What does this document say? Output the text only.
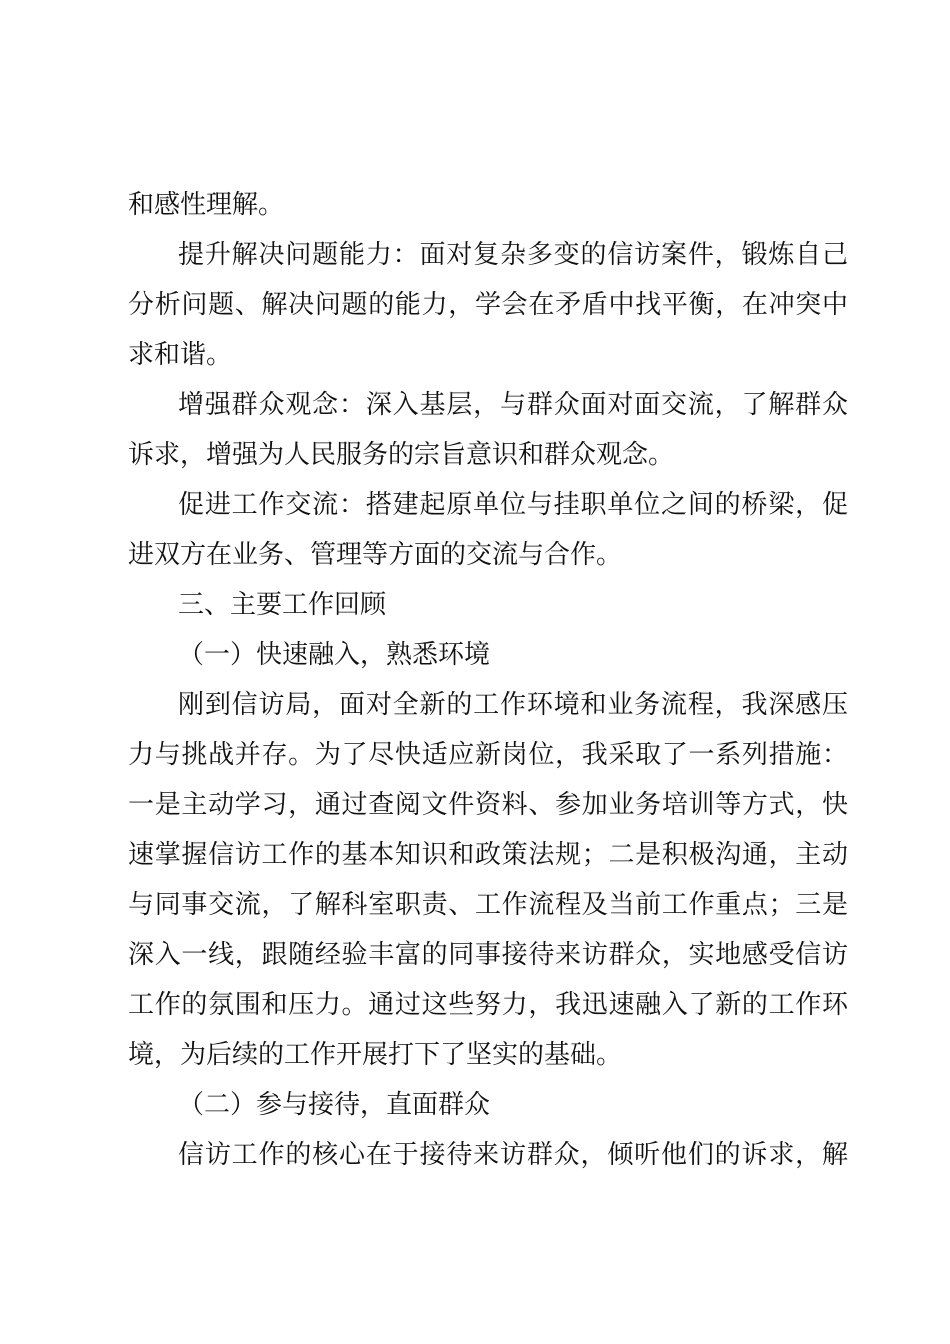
和感性理解。
提升解决问题能力：面对复杂多变的信访案件，锻炼自己
分析问题、解决问题的能力，学会在矛盾中找平衡，在冲突中
求和谐。
增强群众观念：深入基层，与群众面对面交流，了解群众
诉求，增强为人民服务的宗旨意识和群众观念。
促进工作交流：搭建起原单位与挂职单位之间的桥梁，促
进双方在业务、管理等方面的交流与合作。
三、主要工作回顾
（一）快速融入，熟悉环境
刚到信访局，面对全新的工作环境和业务流程，我深感压
力与挑战并存。为了尽快适应新岗位，我采取了一系列措施：
一是主动学习，通过查阅文件资料、参加业务培训等方式，快
速掌握信访工作的基本知识和政策法规；二是积极沟通，主动
与同事交流，了解科室职责、工作流程及当前工作重点；三是
深入一线，跟随经验丰富的同事接待来访群众，实地感受信访
工作的氛围和压力。通过这些努力，我迅速融入了新的工作环
境，为后续的工作开展打下了坚实的基础。
（二）参与接待，直面群众
信访工作的核心在于接待来访群众，倾听他们的诉求，解
